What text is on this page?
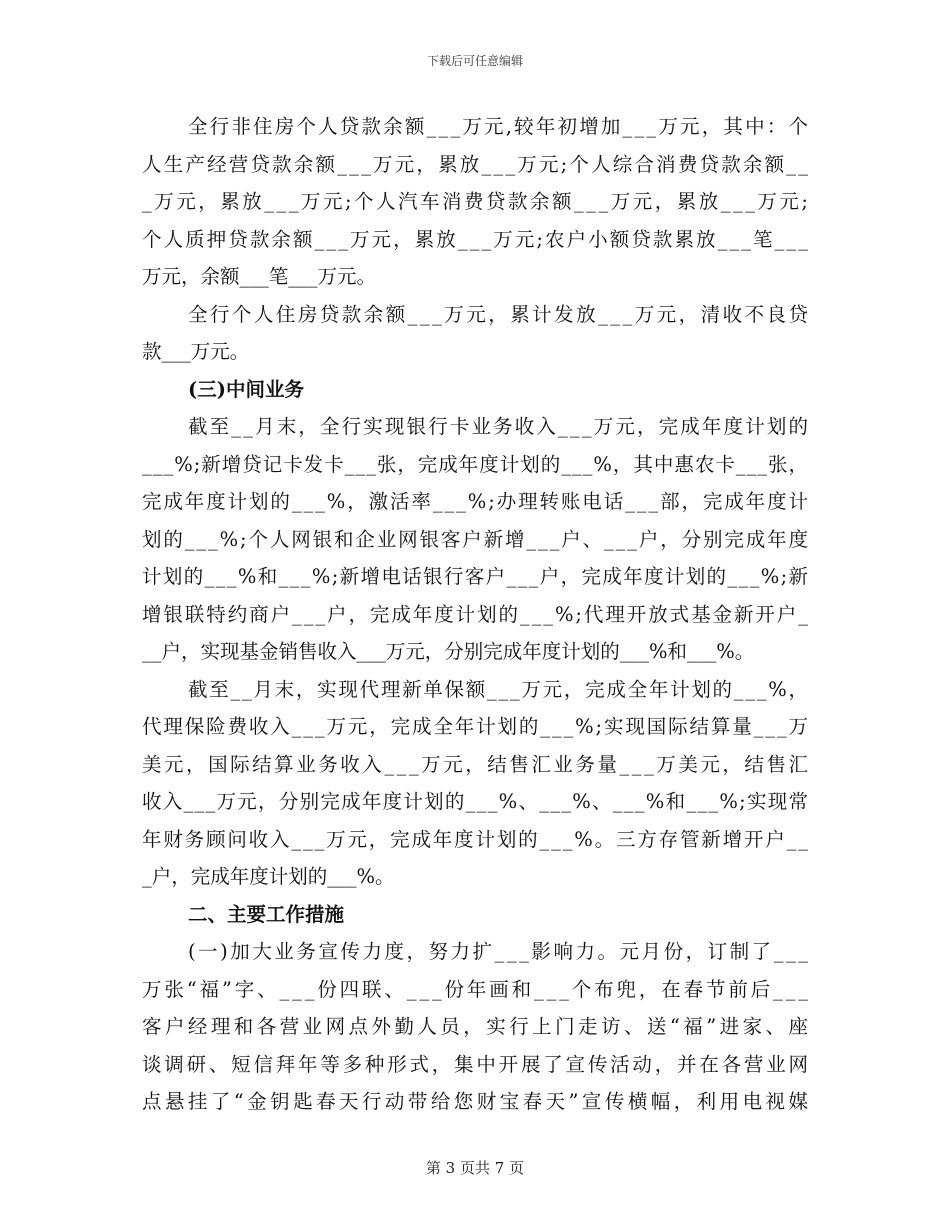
下载后可任意编辑
全行非住房个人贷款余额___万元,较年初增加___万元，其中：个
人生产经营贷款余额___万元，累放___万元;个人综合消费贷款余额__
_万元，累放___万元;个人汽车消费贷款余额___万元，累放___万元;
个人质押贷款余额___万元，累放___万元;农户小额贷款累放___笔___
万元，余额___笔___万元。
全行个人住房贷款余额___万元，累计发放___万元，清收不良贷
款___万元。
(三)中间业务
截至__月末，全行实现银行卡业务收入___万元，完成年度计划的
___%;新增贷记卡发卡___张，完成年度计划的___%，其中惠农卡___张，
完成年度计划的___%，激活率___%;办理转账电话___部，完成年度计
划的___%;个人网银和企业网银客户新增___户、___户，分别完成年度
计划的___%和___%;新增电话银行客户___户，完成年度计划的___%;新
增银联特约商户___户，完成年度计划的___%;代理开放式基金新开户_
__户，实现基金销售收入___万元，分别完成年度计划的___%和___%。
截至__月末，实现代理新单保额___万元，完成全年计划的___%，
代理保险费收入___万元，完成全年计划的___%;实现国际结算量___万
美元，国际结算业务收入___万元，结售汇业务量___万美元，结售汇
收入___万元，分别完成年度计划的___%、___%、___%和___%;实现常
年财务顾问收入___万元，完成年度计划的___%。三方存管新增开户__
_户，完成年度计划的___%。
二、主要工作措施
(一)加大业务宣传力度，努力扩___影响力。元月份，订制了___
万张“福”字、___份四联、___份年画和___个布兜，在春节前后___
客户经理和各营业网点外勤人员，实行上门走访、送“福”进家、座
谈调研、短信拜年等多种形式，集中开展了宣传活动，并在各营业网
点悬挂了“金钥匙春天行动带给您财宝春天”宣传横幅，利用电视媒
第 3 页共 7 页
